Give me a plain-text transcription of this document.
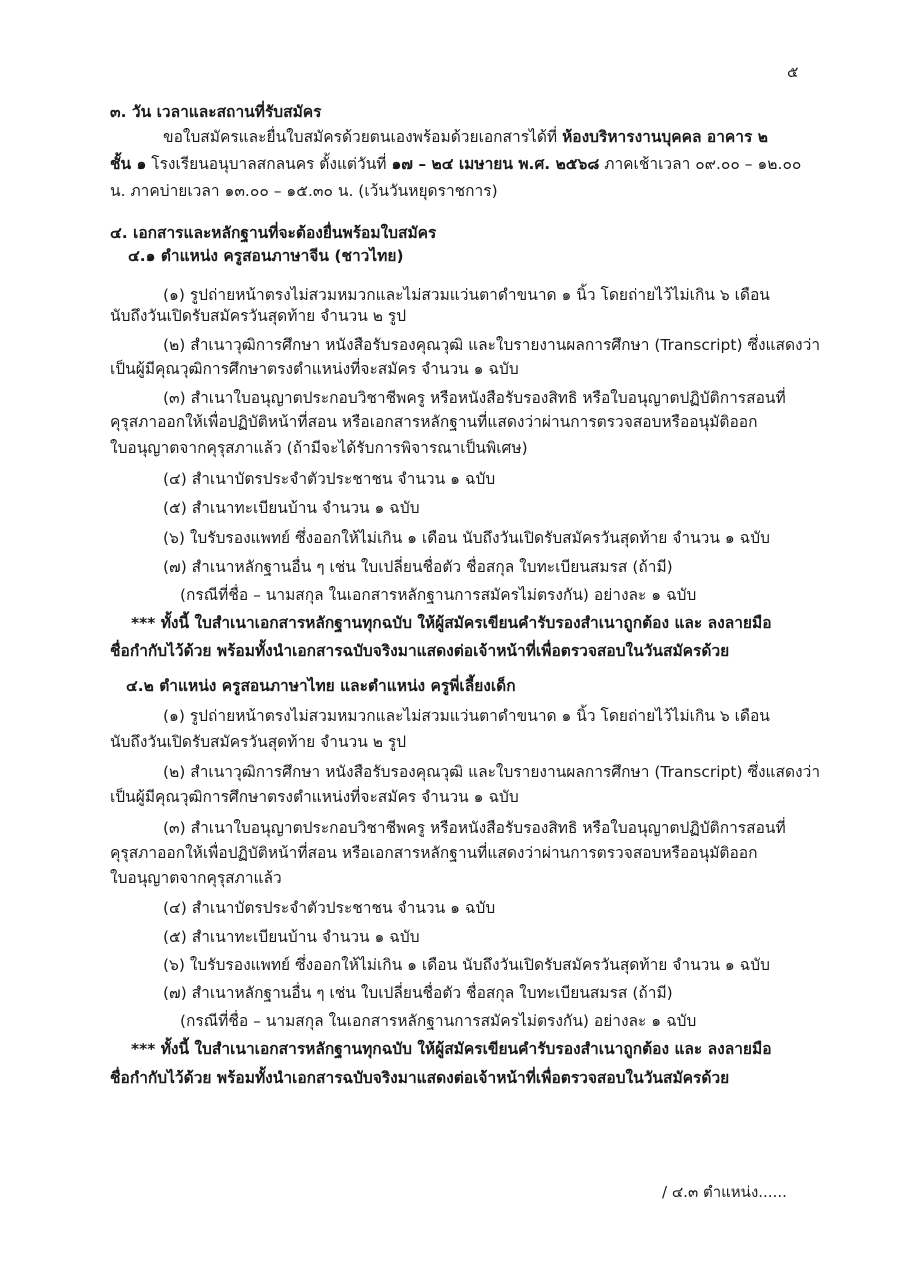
๕
๓. วัน เวลาและสถานที่รับสมัคร
ขอใบสมัครและยื่นใบสมัครด้วยตนเองพร้อมด้วยเอกสารได้ที่ ห้องบริหารงานบุคคล อาคาร ๒
ชั้น ๑ โรงเรียนอนุบาลสกลนคร ตั้งแต่วันที่ ๑๗ – ๒๔ เมษายน พ.ศ. ๒๕๖๘ ภาคเช้าเวลา ๐๙.๐๐ – ๑๒.๐๐
น. ภาคบ่ายเวลา ๑๓.๐๐ – ๑๕.๓๐ น. (เว้นวันหยุดราชการ)
๔. เอกสารและหลักฐานที่จะต้องยื่นพร้อมใบสมัคร
๔.๑ ตำแหน่ง ครูสอนภาษาจีน (ชาวไทย)
(๑) รูปถ่ายหน้าตรงไม่สวมหมวกและไม่สวมแว่นตาดำขนาด ๑ นิ้ว โดยถ่ายไว้ไม่เกิน ๖ เดือน
นับถึงวันเปิดรับสมัครวันสุดท้าย จำนวน ๒ รูป
(๒) สำเนาวุฒิการศึกษา หนังสือรับรองคุณวุฒิ และใบรายงานผลการศึกษา (Transcript) ซึ่งแสดงว่า
เป็นผู้มีคุณวุฒิการศึกษาตรงตำแหน่งที่จะสมัคร จำนวน ๑ ฉบับ
(๓) สำเนาใบอนุญาตประกอบวิชาชีพครู หรือหนังสือรับรองสิทธิ หรือใบอนุญาตปฏิบัติการสอนที่
คุรุสภาออกให้เพื่อปฏิบัติหน้าที่สอน หรือเอกสารหลักฐานที่แสดงว่าผ่านการตรวจสอบหรืออนุมัติออก
ใบอนุญาตจากคุรุสภาแล้ว (ถ้ามีจะได้รับการพิจารณาเป็นพิเศษ)
(๔) สำเนาบัตรประจำตัวประชาชน จำนวน ๑ ฉบับ
(๕) สำเนาทะเบียนบ้าน จำนวน ๑ ฉบับ
(๖) ใบรับรองแพทย์ ซึ่งออกให้ไม่เกิน ๑ เดือน นับถึงวันเปิดรับสมัครวันสุดท้าย จำนวน ๑ ฉบับ
(๗) สำเนาหลักฐานอื่น ๆ เช่น ใบเปลี่ยนชื่อตัว ชื่อสกุล ใบทะเบียนสมรส (ถ้ามี)
(กรณีที่ชื่อ – นามสกุล ในเอกสารหลักฐานการสมัครไม่ตรงกัน) อย่างละ ๑ ฉบับ
*** ทั้งนี้ ใบสำเนาเอกสารหลักฐานทุกฉบับ ให้ผู้สมัครเขียนคำรับรองสำเนาถูกต้อง และ ลงลายมือ
ชื่อกำกับไว้ด้วย พร้อมทั้งนำเอกสารฉบับจริงมาแสดงต่อเจ้าหน้าที่เพื่อตรวจสอบในวันสมัครด้วย
๔.๒ ตำแหน่ง ครูสอนภาษาไทย และตำแหน่ง ครูพี่เลี้ยงเด็ก
(๑) รูปถ่ายหน้าตรงไม่สวมหมวกและไม่สวมแว่นตาดำขนาด ๑ นิ้ว โดยถ่ายไว้ไม่เกิน ๖ เดือน
นับถึงวันเปิดรับสมัครวันสุดท้าย จำนวน ๒ รูป
(๒) สำเนาวุฒิการศึกษา หนังสือรับรองคุณวุฒิ และใบรายงานผลการศึกษา (Transcript) ซึ่งแสดงว่า
เป็นผู้มีคุณวุฒิการศึกษาตรงตำแหน่งที่จะสมัคร จำนวน ๑ ฉบับ
(๓) สำเนาใบอนุญาตประกอบวิชาชีพครู หรือหนังสือรับรองสิทธิ หรือใบอนุญาตปฏิบัติการสอนที่
คุรุสภาออกให้เพื่อปฏิบัติหน้าที่สอน หรือเอกสารหลักฐานที่แสดงว่าผ่านการตรวจสอบหรืออนุมัติออก
ใบอนุญาตจากคุรุสภาแล้ว
(๔) สำเนาบัตรประจำตัวประชาชน จำนวน ๑ ฉบับ
(๕) สำเนาทะเบียนบ้าน จำนวน ๑ ฉบับ
(๖) ใบรับรองแพทย์ ซึ่งออกให้ไม่เกิน ๑ เดือน นับถึงวันเปิดรับสมัครวันสุดท้าย จำนวน ๑ ฉบับ
(๗) สำเนาหลักฐานอื่น ๆ เช่น ใบเปลี่ยนชื่อตัว ชื่อสกุล ใบทะเบียนสมรส (ถ้ามี)
(กรณีที่ชื่อ – นามสกุล ในเอกสารหลักฐานการสมัครไม่ตรงกัน) อย่างละ ๑ ฉบับ
*** ทั้งนี้ ใบสำเนาเอกสารหลักฐานทุกฉบับ ให้ผู้สมัครเขียนคำรับรองสำเนาถูกต้อง และ ลงลายมือ
ชื่อกำกับไว้ด้วย พร้อมทั้งนำเอกสารฉบับจริงมาแสดงต่อเจ้าหน้าที่เพื่อตรวจสอบในวันสมัครด้วย
/ ๔.๓ ตำแหน่ง......
